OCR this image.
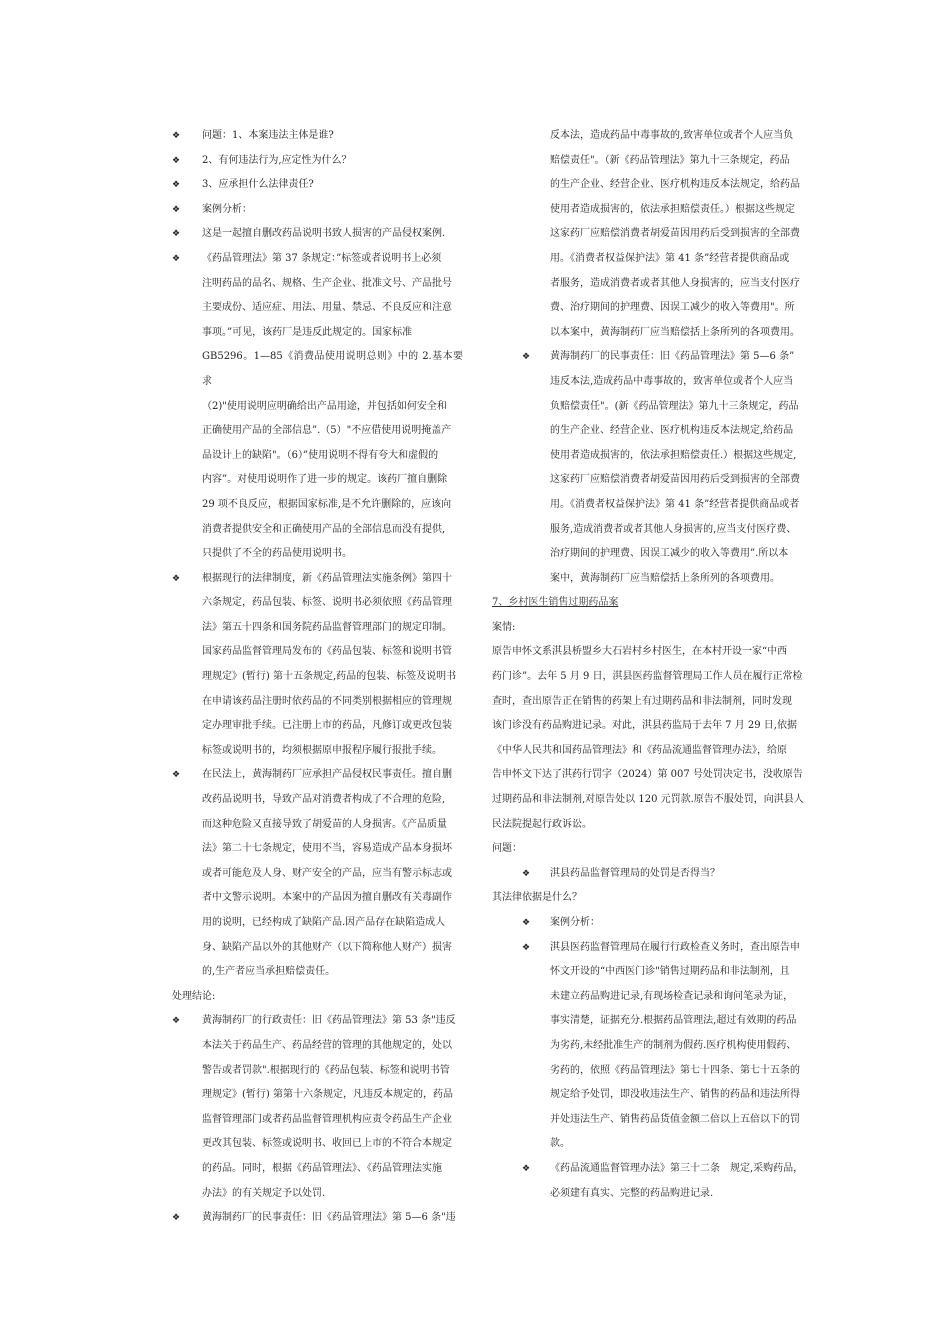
❖ 问题：1、本案违法主体是谁?
❖ 2、有何违法行为,应定性为什么？
❖ 3、应承担什么法律责任?
❖ 案例分析：
❖ 这是一起擅自删改药品说明书致人损害的产品侵权案例.
❖ 《药品管理法》第 37 条规定：”标签或者说明书上必须
注明药品的品名、规格、生产企业、批准文号、产品批号
主要成份、适应症、用法、用量、禁忌、不良反应和注意
事项。”可见，该药厂是违反此规定的。国家标准
GB5296。1—85《消费品使用说明总则》中的 2.基本要求
（2)"使用说明应明确给出产品用途，并包括如何安全和
正确使用产品的全部信息”.（5）"不应借使用说明掩盖产
品设计上的缺陷"。（6）”使用说明不得有夸大和虚假的
内容”。对使用说明作了进一步的规定。该药厂擅自删除
29 项不良反应，根据国家标准,是不允许删除的，应该向
消费者提供安全和正确使用产品的全部信息而没有提供,
只提供了不全的药品使用说明书。
❖ 根据现行的法律制度，新《药品管理法实施条例》第四十
六条规定，药品包装、标签、说明书必须依照《药品管理
法》第五十四条和国务院药品监督管理部门的规定印制。
国家药品监督管理局发布的《药品包装、标签和说明书管
理规定》(暂行) 第十五条规定,药品的包装、标签及说明书
在申请该药品注册时依药品的不同类别根据相应的管理规
定办理审批手续。已注册上市的药品，凡修订或更改包装
标签或说明书的，均须根据原申报程序履行报批手续。
❖ 在民法上，黄海制药厂应承担产品侵权民事责任。擅自删
改药品说明书，导致产品对消费者构成了不合理的危险,
而这种危险又直接导致了胡爱苗的人身损害。《产品质量
法》第二十七条规定，使用不当，容易造成产品本身损坏
或者可能危及人身、财产安全的产品，应当有警示标志或
者中文警示说明。本案中的产品因为擅自删改有关毒副作
用的说明，已经构成了缺陷产品.因产品存在缺陷造成人
身、缺陷产品以外的其他财产（以下简称他人财产）损害
的,生产者应当承担赔偿责任。
处理结论:
❖ 黄海制药厂的行政责任：旧《药品管理法》第 53 条"违反
本法关于药品生产、药品经营的管理的其他规定的，处以
警告或者罚款".根据现行的《药品包装、标签和说明书管
理规定》(暂行) 第第十六条规定，凡违反本规定的，药品
监督管理部门或者药品监督管理机构应责令药品生产企业
更改其包装、标签或说明书、收回已上市的不符合本规定
的药品。同时，根据《药品管理法》、《药品管理法实施
办法》的有关规定予以处罚.
❖ 黄海制药厂的民事责任：旧《药品管理法》第 5—6 条"违
反本法，造成药品中毒事故的,致害单位或者个人应当负
赔偿责任"。（新《药品管理法》第九十三条规定，药品
的生产企业、经营企业、医疗机构违反本法规定，给药品
使用者造成损害的，依法承担赔偿责任。）根据这些规定
这家药厂应赔偿消费者胡爱苗因用药后受到损害的全部费
用。《消费者权益保护法》第 41 条”经营者提供商品或
者服务，造成消费者或者其他人身损害的，应当支付医疗
费、治疗期间的护理费、因误工减少的收入等费用"。所
以本案中，黄海制药厂应当赔偿括上条所列的各项费用。
❖ 黄海制药厂的民事责任：旧《药品管理法》第 5—6 条”
违反本法,造成药品中毒事故的，致害单位或者个人应当
负赔偿责任"。(新《药品管理法》第九十三条规定，药品
的生产企业、经营企业、医疗机构违反本法规定,给药品
使用者造成损害的，依法承担赔偿责任.）根据这些规定,
这家药厂应赔偿消费者胡爱苗因用药后受到损害的全部费
用。《消费者权益保护法》第 41 条”经营者提供商品或者
服务,造成消费者或者其他人身损害的,应当支付医疗费、
治疗期间的护理费、因误工减少的收入等费用”.所以本
案中，黄海制药厂应当赔偿括上条所列的各项费用。
7、乡村医生销售过期药品案
案情:
原告申怀文系淇县桥盟乡大石岩村乡村医生，在本村开设一家“中西
药门诊”。去年 5 月 9 日，淇县医药监督管理局工作人员在履行正常检
查时，查出原告正在销售的药架上有过期药品和非法制剂，同时发现
该门诊没有药品购进记录。对此，淇县药监局于去年 7 月 29 日,依据
《中华人民共和国药品管理法》和《药品流通监督管理办法》，给原
告申怀文下达了淇药行罚字（2024）第 007 号处罚决定书，没收原告
过期药品和非法制剂,对原告处以 120 元罚款.原告不服处罚，向淇县人
民法院提起行政诉讼。
问题：
❖ 淇县药品监督管理局的处罚是否得当？
其法律依据是什么？
❖ 案例分析：
❖ 淇县医药监督管理局在履行行政检查义务时，查出原告申
怀文开设的“中西医门诊"销售过期药品和非法制剂，且
未建立药品购进记录,有现场检查记录和询问笔录为证，
事实清楚，证据充分.根据药品管理法,超过有效期的药品
为劣药,未经批准生产的制剂为假药.医疗机构使用假药、
劣药的，依照《药品管理法》第七十四条、第七十五条的
规定给予处罚，即没收违法生产、销售的药品和违法所得
并处违法生产、销售药品货值金额二倍以上五倍以下的罚
款。
❖ 《药品流通监督管理办法》第三十二条　规定,采购药品，
必须建有真实、完整的药品购进记录.
